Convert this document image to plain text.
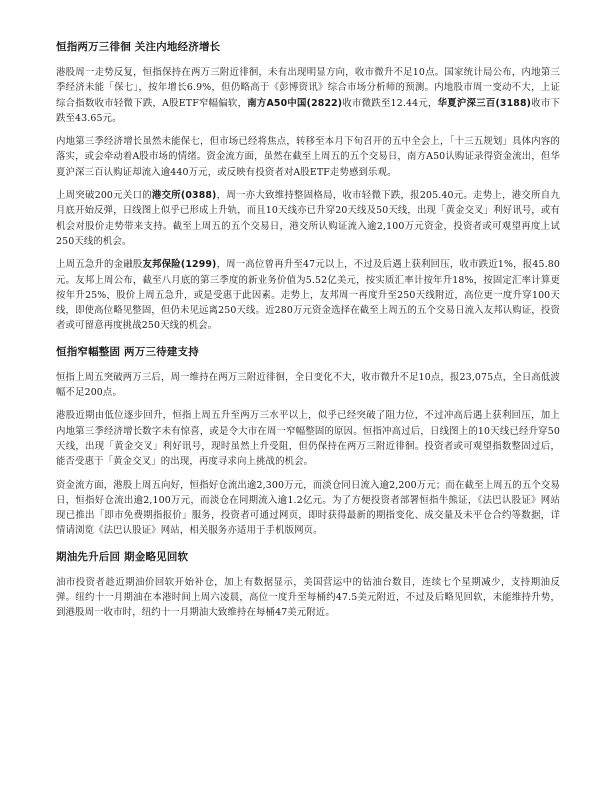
恒指两万三徘徊 关注内地经济增长

港股周一走势反复，恒指保持在两万三附近徘徊，未有出现明显方向，收市微升不足10点。国家统计局公布，内地第三季经济未能「保七」，按年增长6.9%，但仍略高于《彭博资讯》综合市场分析师的预测。内地股市周一变动不大，上证综合指数收市轻微下跌，A股ETF窄幅偏软，南方A50中国(2822)收市微跌至12.44元，华夏沪深三百(3188)收市下跌至43.65元。

内地第三季经济增长虽然未能保七，但市场已经将焦点，转移至本月下旬召开的五中全会上，「十三五规划」具体内容的落实，或会牵动着A股市场的情绪。资金流方面，虽然在截至上周五的五个交易日，南方A50认购证录得资金流出，但华夏沪深三百认购证却流入逾440万元，或反映有投资者对A股ETF走势感到乐观。

上周突破200元关口的港交所(0388)，周一亦大致维持整固格局，收市轻微下跌，报205.40元。走势上，港交所自九月底开始反弹，日线图上似乎已形成上升轨，而且10天线亦已升穿20天线及50天线，出现「黄金交叉」利好讯号，或有机会对股价走势带来支持。截至上周五的五个交易日，港交所认购证流入逾2,100万元资金，投资者或可观望再度上试250天线的机会。

上周五急升的金融股友邦保险(1299)，周一高位曾再升至47元以上，不过及后遇上获利回压，收市跌近1%，报45.80元。友邦上周公布，截至八月底的第三季度的新业务价值为5.52亿美元，按实质汇率计按年升18%，按固定汇率计算更按年升25%，股价上周五急升，或是受惠于此因素。走势上，友邦周一再度升至250天线附近，高位更一度升穿100天线，即使高位略见整固，但仍未见远离250天线。近280万元资金选择在截至上周五的五个交易日流入友邦认购证，投资者或可留意再度挑战250天线的机会。

恒指窄幅整固 两万三待建支持

恒指上周五突破两万三后，周一维持在两万三附近徘徊，全日变化不大，收市微升不足10点，报23,075点，全日高低波幅不足200点。

港股近期由低位逐步回升，恒指上周五升至两万三水平以上，似乎已经突破了阻力位，不过冲高后遇上获利回压，加上内地第三季经济增长数字未有惊喜，或是令大市在周一窄幅整固的原因。恒指冲高过后，日线图上的10天线已经升穿50天线，出现「黄金交叉」利好讯号，现时虽然上升受阻，但仍保持在两万三附近徘徊。投资者或可观望指数整固过后，能否受惠于「黄金交叉」的出现，再度寻求向上挑战的机会。

资金流方面，港股上周五向好，恒指好仓流出逾2,300万元，而淡仓同日流入逾2,200万元；而在截至上周五的五个交易日，恒指好仓流出逾2,100万元，而淡仓在同期流入逾1.2亿元。为了方便投资者部署恒指牛熊证，《法巴认股证》网站现已推出「即市免费期指报价」服务，投资者可通过网页，即时获得最新的期指变化、成交量及未平仓合约等数据，详情请浏览《法巴认股证》网站，相关服务亦适用于手机版网页。

期油先升后回 期金略见回软

油市投资者趁近期油价回软开始补仓，加上有数据显示，美国营运中的钻油台数目，连续七个星期减少，支持期油反弹。纽约十一月期油在本港时间上周六凌晨，高位一度升至每桶约47.5美元附近，不过及后略见回软，未能维持升势，到港股周一收市时，纽约十一月期油大致维持在每桶47美元附近。
